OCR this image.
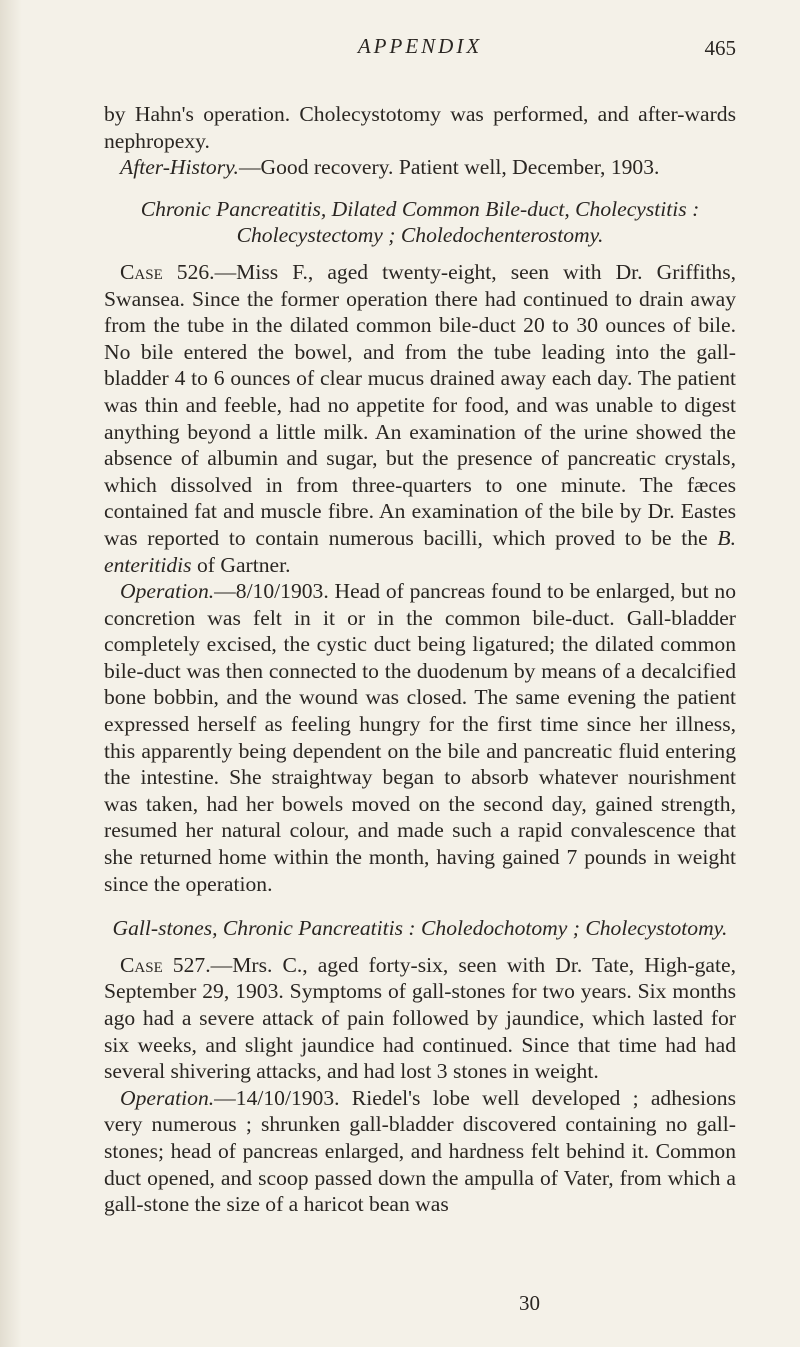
APPENDIX	465

by Hahn's operation. Cholecystotomy was performed, and after-wards nephropexy.

After-History.—Good recovery. Patient well, December, 1903.

Chronic Pancreatitis, Dilated Common Bile-duct, Cholecystitis : Cholecystectomy ; Choledochenterostomy.

Case 526.—Miss F., aged twenty-eight, seen with Dr. Griffiths, Swansea. Since the former operation there had continued to drain away from the tube in the dilated common bile-duct 20 to 30 ounces of bile. No bile entered the bowel, and from the tube leading into the gall-bladder 4 to 6 ounces of clear mucus drained away each day. The patient was thin and feeble, had no appetite for food, and was unable to digest anything beyond a little milk. An examination of the urine showed the absence of albumin and sugar, but the presence of pancreatic crystals, which dissolved in from three-quarters to one minute. The fæces contained fat and muscle fibre. An examination of the bile by Dr. Eastes was reported to contain numerous bacilli, which proved to be the B. enteritidis of Gartner.

Operation.—8/10/1903. Head of pancreas found to be enlarged, but no concretion was felt in it or in the common bile-duct. Gall-bladder completely excised, the cystic duct being ligatured; the dilated common bile-duct was then connected to the duodenum by means of a decalcified bone bobbin, and the wound was closed. The same evening the patient expressed herself as feeling hungry for the first time since her illness, this apparently being dependent on the bile and pancreatic fluid entering the intestine. She straightway began to absorb whatever nourishment was taken, had her bowels moved on the second day, gained strength, resumed her natural colour, and made such a rapid convalescence that she returned home within the month, having gained 7 pounds in weight since the operation.

Gall-stones, Chronic Pancreatitis : Choledochotomy ; Cholecystotomy.

Case 527.—Mrs. C., aged forty-six, seen with Dr. Tate, High-gate, September 29, 1903. Symptoms of gall-stones for two years. Six months ago had a severe attack of pain followed by jaundice, which lasted for six weeks, and slight jaundice had continued. Since that time had had several shivering attacks, and had lost 3 stones in weight.

Operation.—14/10/1903. Riedel's lobe well developed ; adhesions very numerous ; shrunken gall-bladder discovered containing no gall-stones; head of pancreas enlarged, and hardness felt behind it. Common duct opened, and scoop passed down the ampulla of Vater, from which a gall-stone the size of a haricot bean was

30
